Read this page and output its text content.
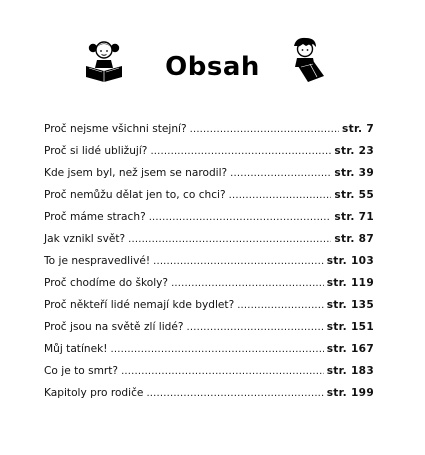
Obsah
Proč nejsme všichni stejní? . . .	str. 7
Proč si lidé ubližují? . . .	str. 23
Kde jsem byl, než jsem se narodil? . . .	str. 39
Proč nemůžu dělat jen to, co chci? . . .	str. 55
Proč máme strach? . . .	str. 71
Jak vznikl svět? . . .	str. 87
To je nespravedlivé! . . .	str. 103
Proč chodíme do školy? . . .	str. 119
Proč někteří lidé nemají kde bydlet? . . .	str. 135
Proč jsou na světě zlí lidé? . . .	str. 151
Můj tatínek! . . .	str. 167
Co je to smrt? . . .	str. 183
Kapitoly pro rodiče . . .	str. 199
